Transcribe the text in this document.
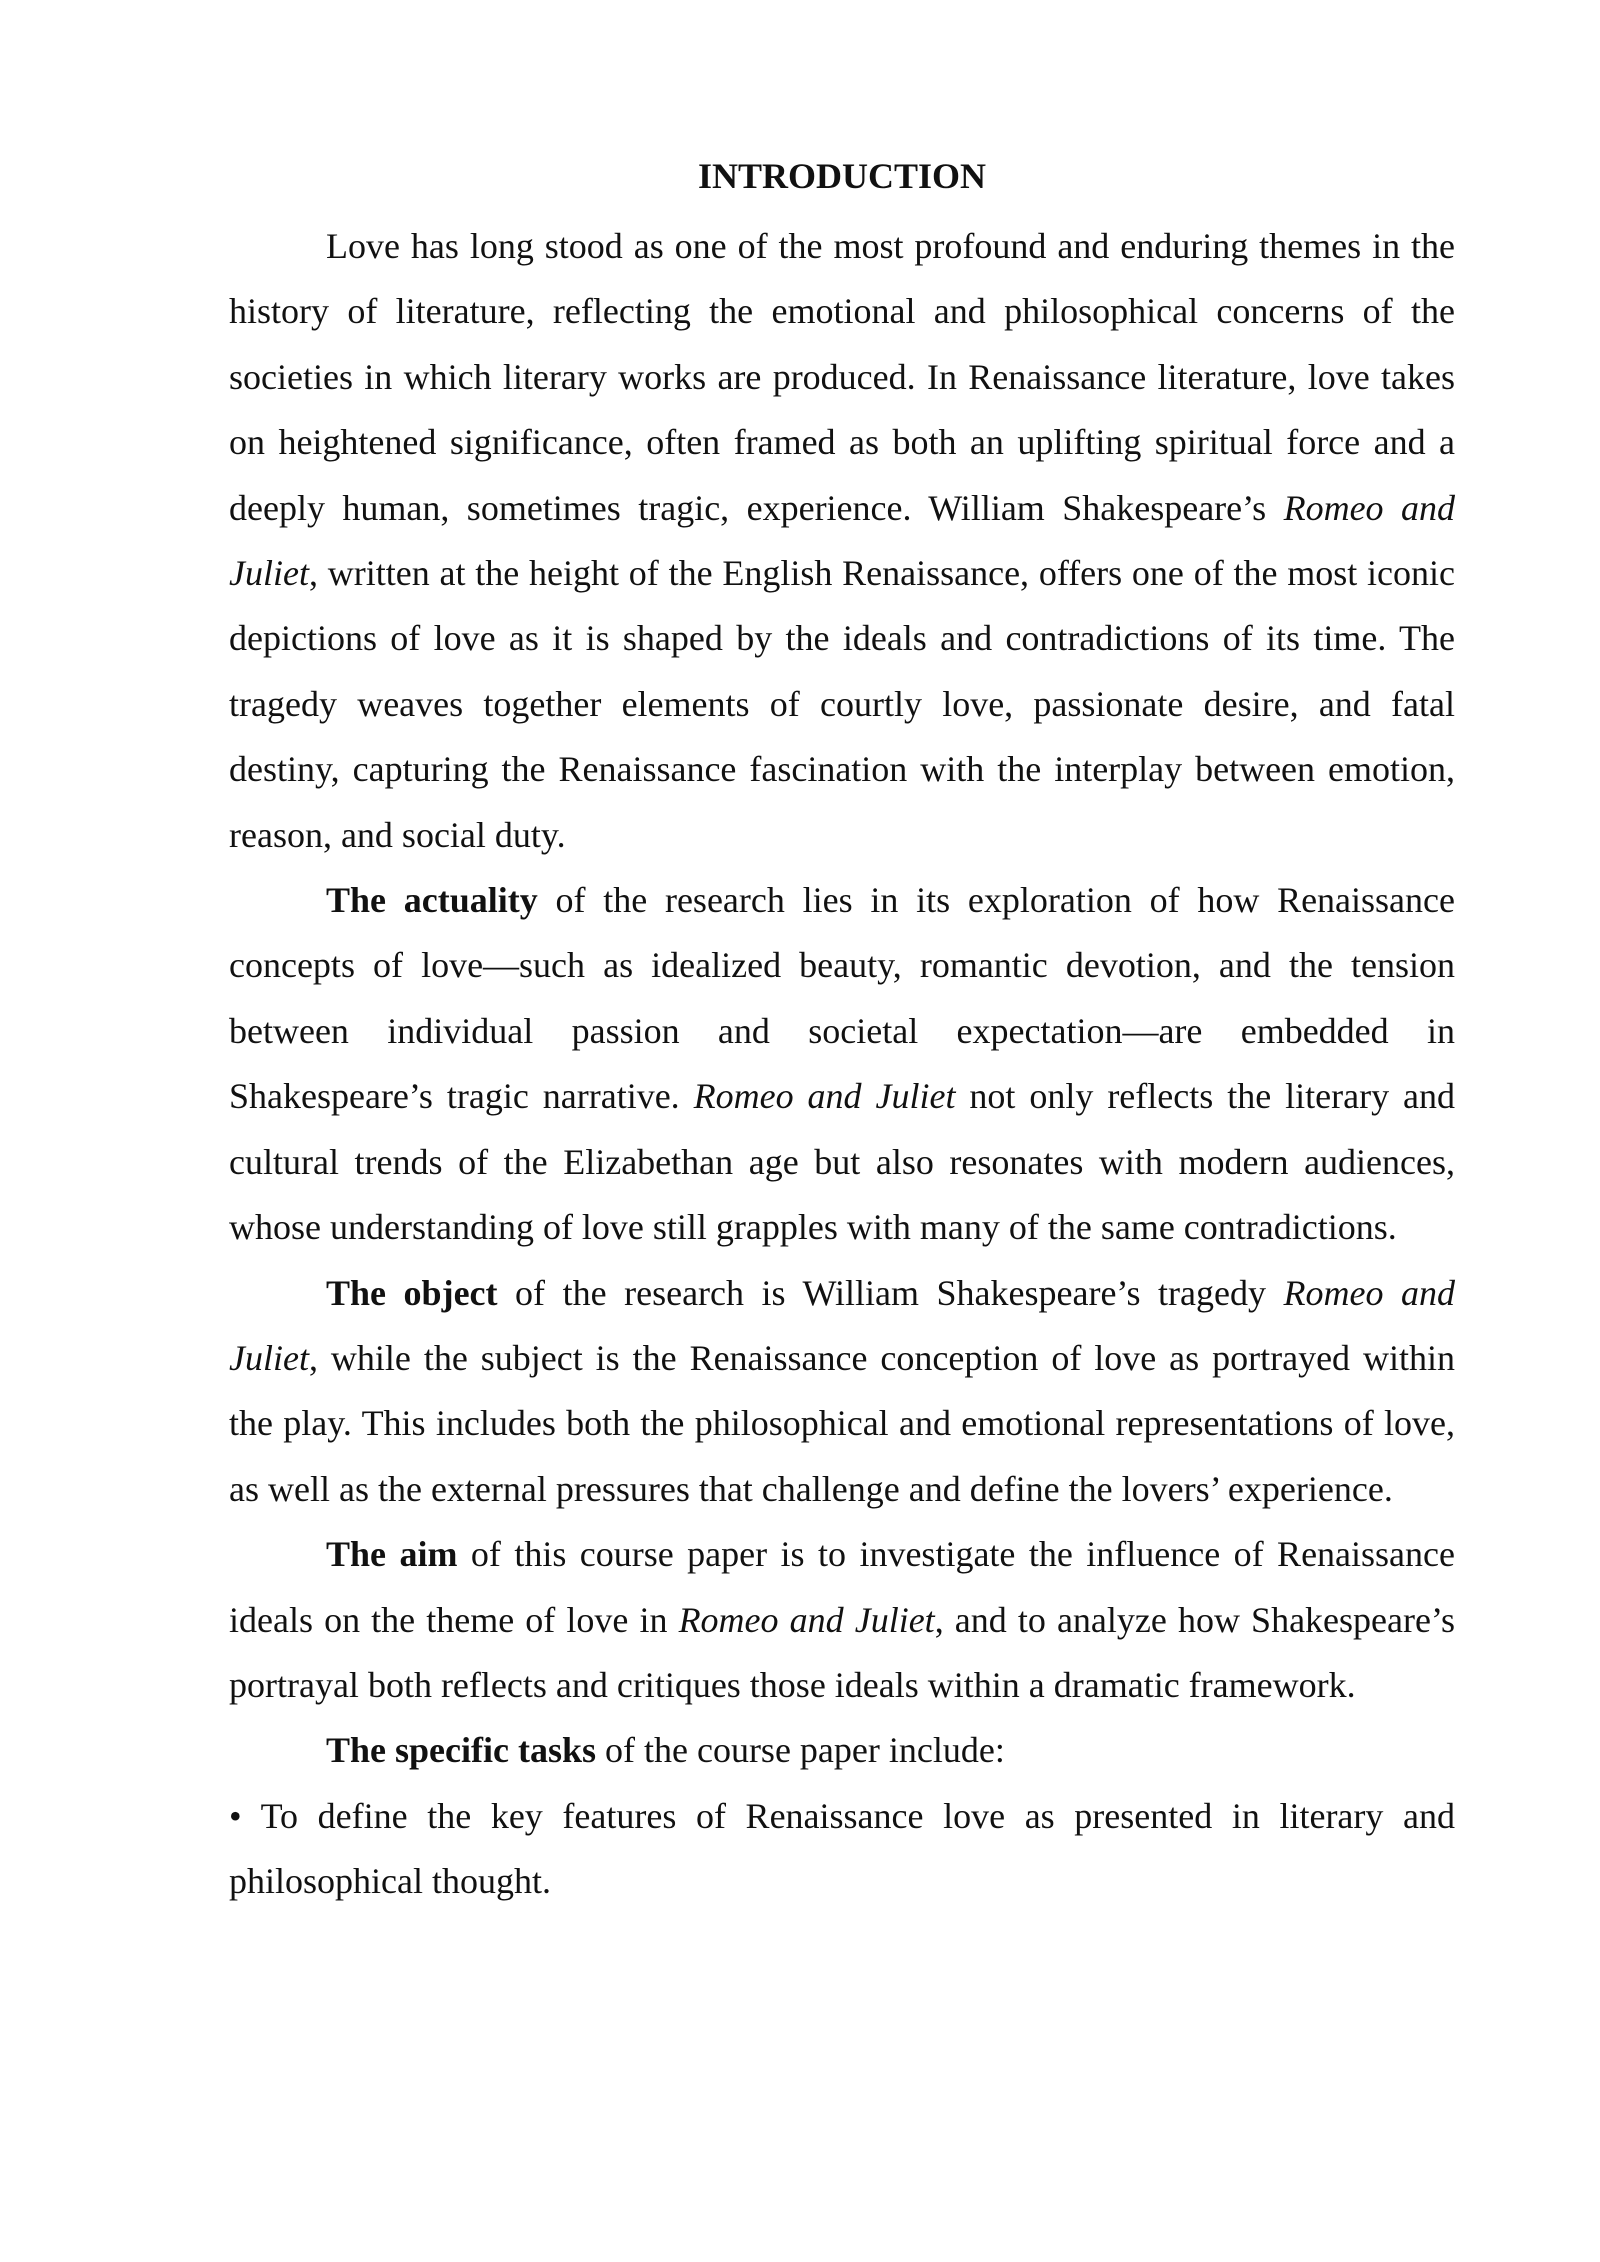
INTRODUCTION

Love has long stood as one of the most profound and enduring themes in the history of literature, reflecting the emotional and philosophical concerns of the societies in which literary works are produced. In Renaissance literature, love takes on heightened significance, often framed as both an uplifting spiritual force and a deeply human, sometimes tragic, experience. William Shakespeare’s Romeo and Juliet, written at the height of the English Renaissance, offers one of the most iconic depictions of love as it is shaped by the ideals and contradictions of its time. The tragedy weaves together elements of courtly love, passionate desire, and fatal destiny, capturing the Renaissance fascination with the interplay between emotion, reason, and social duty.

The actuality of the research lies in its exploration of how Renaissance concepts of love—such as idealized beauty, romantic devotion, and the tension between individual passion and societal expectation—are embedded in Shakespeare’s tragic narrative. Romeo and Juliet not only reflects the literary and cultural trends of the Elizabethan age but also resonates with modern audiences, whose understanding of love still grapples with many of the same contradictions.

The object of the research is William Shakespeare’s tragedy Romeo and Juliet, while the subject is the Renaissance conception of love as portrayed within the play. This includes both the philosophical and emotional representations of love, as well as the external pressures that challenge and define the lovers’ experience.

The aim of this course paper is to investigate the influence of Renaissance ideals on the theme of love in Romeo and Juliet, and to analyze how Shakespeare’s portrayal both reflects and critiques those ideals within a dramatic framework.

The specific tasks of the course paper include:

• To define the key features of Renaissance love as presented in literary and philosophical thought.
